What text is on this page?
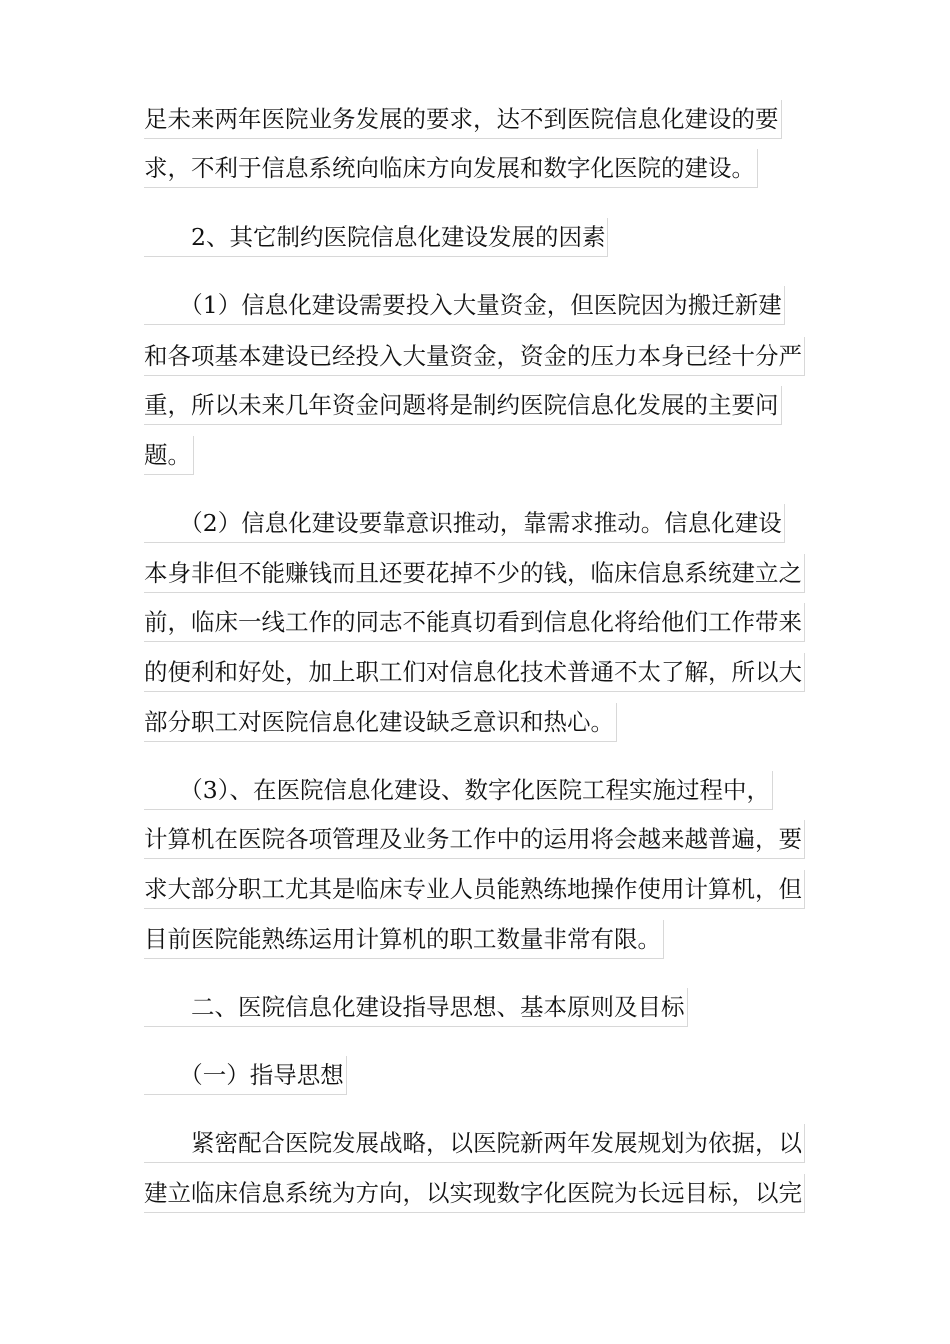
足未来两年医院业务发展的要求，达不到医院信息化建设的要
求，不利于信息系统向临床方向发展和数字化医院的建设。
　　2、其它制约医院信息化建设发展的因素
　　（1）信息化建设需要投入大量资金，但医院因为搬迁新建
和各项基本建设已经投入大量资金，资金的压力本身已经十分严
重，所以未来几年资金问题将是制约医院信息化发展的主要问
题。
　　（2）信息化建设要靠意识推动，靠需求推动。信息化建设
本身非但不能赚钱而且还要花掉不少的钱，临床信息系统建立之
前，临床一线工作的同志不能真切看到信息化将给他们工作带来
的便利和好处，加上职工们对信息化技术普通不太了解，所以大
部分职工对医院信息化建设缺乏意识和热心。
　　（3）、在医院信息化建设、数字化医院工程实施过程中，
计算机在医院各项管理及业务工作中的运用将会越来越普遍，要
求大部分职工尤其是临床专业人员能熟练地操作使用计算机，但
目前医院能熟练运用计算机的职工数量非常有限。
　　二、医院信息化建设指导思想、基本原则及目标
　　（一）指导思想
　　紧密配合医院发展战略，以医院新两年发展规划为依据，以
建立临床信息系统为方向，以实现数字化医院为长远目标，以完
